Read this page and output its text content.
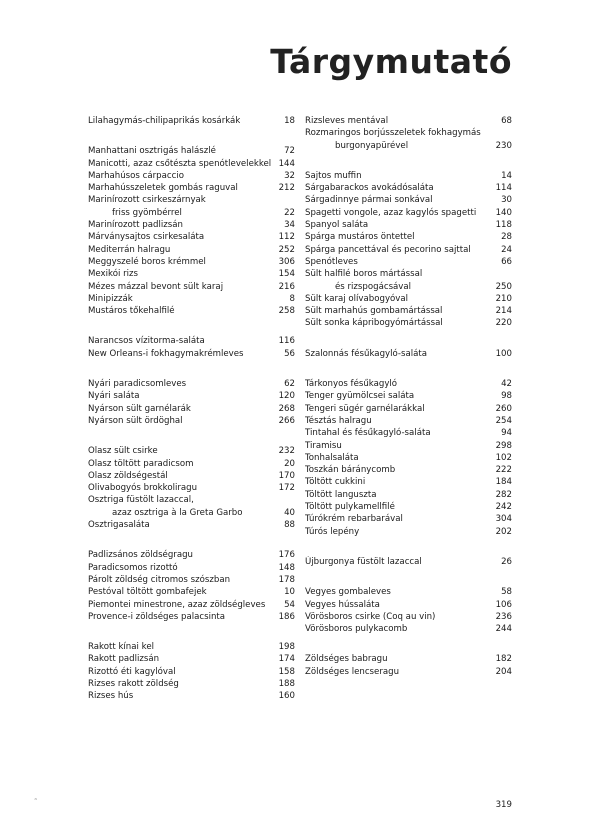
Tárgymutató
Lilahagymás-chilipaprikás kosárkák	18
Manhattani osztrigás halászlé	72
Manicotti, azaz csőtészta spenótlevelekkel 144
Marhahúsos cárpaccio	32
Marhahússzeletek gombás raguval	212
Marinírozott csirkeszárnyak
friss gyömbérrel	22
Marinírozott padlizsán	34
Márványsajtos csirkesaláta	112
Mediterrán halragu	252
Meggyszelé boros krémmel	306
Mexikói rizs	154
Mézes mázzal bevont sült karaj	216
Minipizzák	8
Mustáros tőkehalfilé	258
Narancsos vízitorma-saláta	116
New Orleans-i fokhagymakrémleves	56
Nyári paradicsomleves	62
Nyári saláta	120
Nyárson sült garnélarák	268
Nyárson sült ördöghal	266
Olasz sült csirke	232
Olasz töltött paradicsom	20
Olasz zöldségestál	170
Olivabogyós brokkoliragu	172
Osztriga füstölt lazaccal,
azaz osztriga à la Greta Garbo	40
Osztrigasaláta	88
Padlizsános zöldségragu	176
Paradicsomos rizottó	148
Párolt zöldség citromos szószban	178
Pestóval töltött gombafejek	10
Piemontei minestrone, azaz zöldségleves	54
Provence-i zöldséges palacsinta	186
Rakott kínai kel	198
Rakott padlizsán	174
Rizottó éti kagylóval	158
Rizses rakott zöldség	188
Rizses hús	160
Rizsleves mentával	68
Rozmaringos borjússzeletek fokhagymás
burgonyapürével	230
Sajtos muffin	14
Sárgabarackos avokádósaláta	114
Sárgadinnye pármai sonkával	30
Spagetti vongole, azaz kagylós spagetti	140
Spanyol saláta	118
Spárga mustáros öntettel	28
Spárga pancettával és pecorino sajttal	24
Spenótleves	66
Sült halfilé boros mártással
és rizspogácsával	250
Sült karaj olívabogyóval	210
Sült marhahús gombamártással	214
Sült sonka kápribogyómártással	220
Szalonnás fésűkagyló-saláta	100
Tárkonyos fésűkagyló	42
Tenger gyümölcsei saláta	98
Tengeri sügér garnélarákkal	260
Tésztás halragu	254
Tintahal és fésűkagyló-saláta	94
Tiramisu	298
Tonhalsaláta	102
Toszkán báránycomb	222
Töltött cukkini	184
Töltött languszta	282
Töltött pulykamellfilé	242
Túrókrém rebarbarával	304
Túrós lepény	202
Újburgonya füstölt lazaccal	26
Vegyes gombaleves	58
Vegyes hússaláta	106
Vörösboros csirke (Coq au vin)	236
Vörösboros pulykacomb	244
Zöldséges babragu	182
Zöldséges lencseragu	204
˜	319
